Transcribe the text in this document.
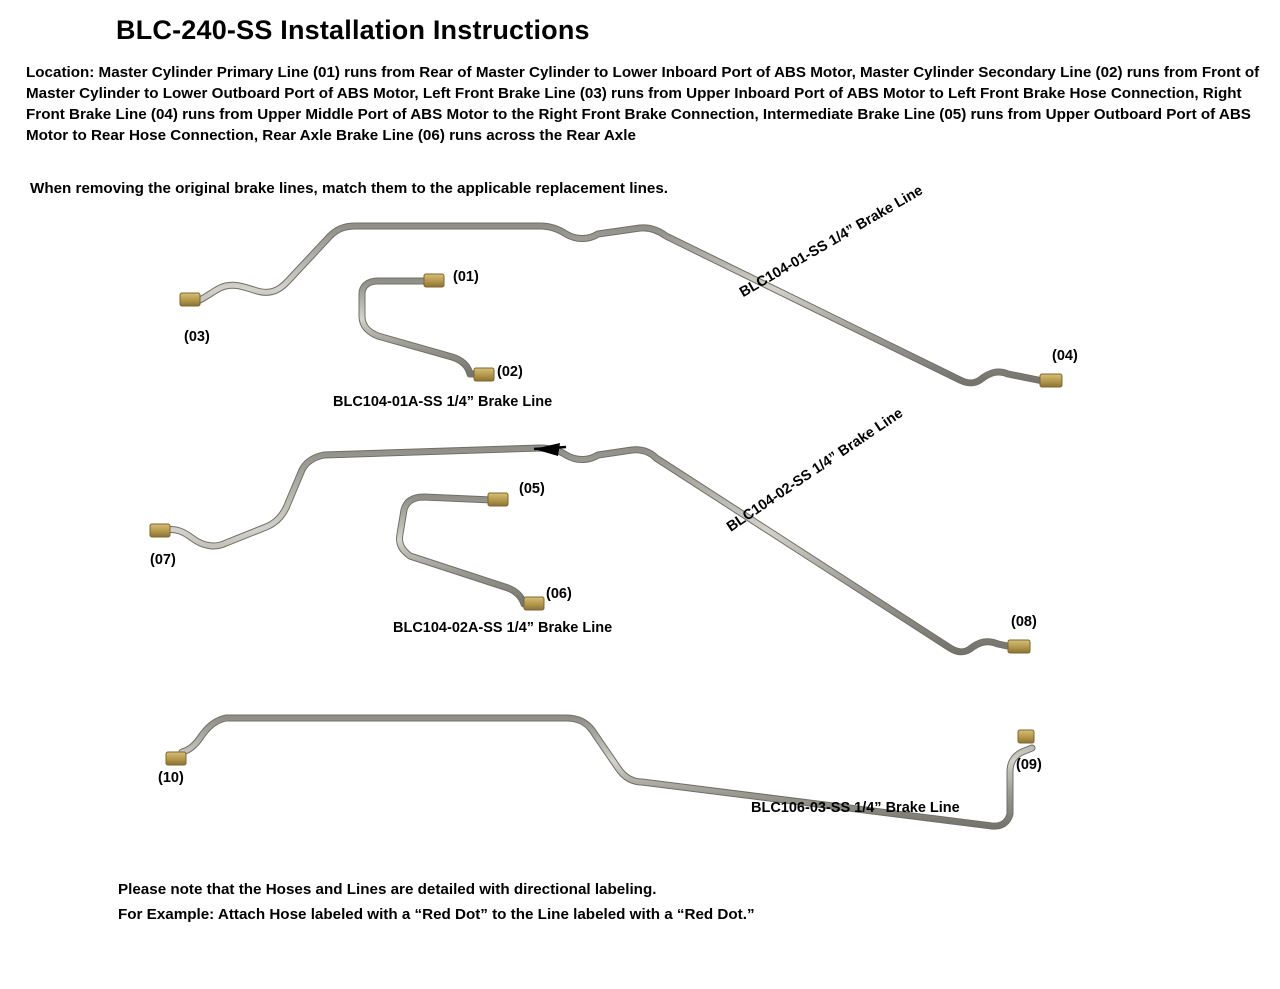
BLC-240-SS Installation Instructions
Location: Master Cylinder Primary Line (01) runs from Rear of Master Cylinder to Lower Inboard Port of ABS Motor, Master Cylinder Secondary Line (02) runs from Front of Master Cylinder to Lower Outboard Port of ABS Motor, Left Front Brake Line (03) runs from Upper Inboard Port of ABS Motor to Left Front Brake Hose Connection, Right Front Brake Line (04) runs from Upper Middle Port of ABS Motor to the Right Front Brake Connection, Intermediate Brake Line (05) runs from Upper Outboard Port of ABS Motor to Rear Hose Connection, Rear Axle Brake Line (06) runs across the Rear Axle
When removing the original brake lines, match them to the applicable replacement lines.
(01)
(02)
(03)
(04)
(05)
(06)
(07)
(08)
(09)
(10)
BLC104-01A-SS 1/4” Brake Line
BLC104-02A-SS 1/4” Brake Line
BLC106-03-SS 1/4” Brake Line
BLC104-01-SS 1/4” Brake Line
BLC104-02-SS 1/4” Brake Line
Please note that the Hoses and Lines are detailed with directional labeling.
For Example: Attach Hose labeled with a “Red Dot” to the Line labeled with a “Red Dot.”
